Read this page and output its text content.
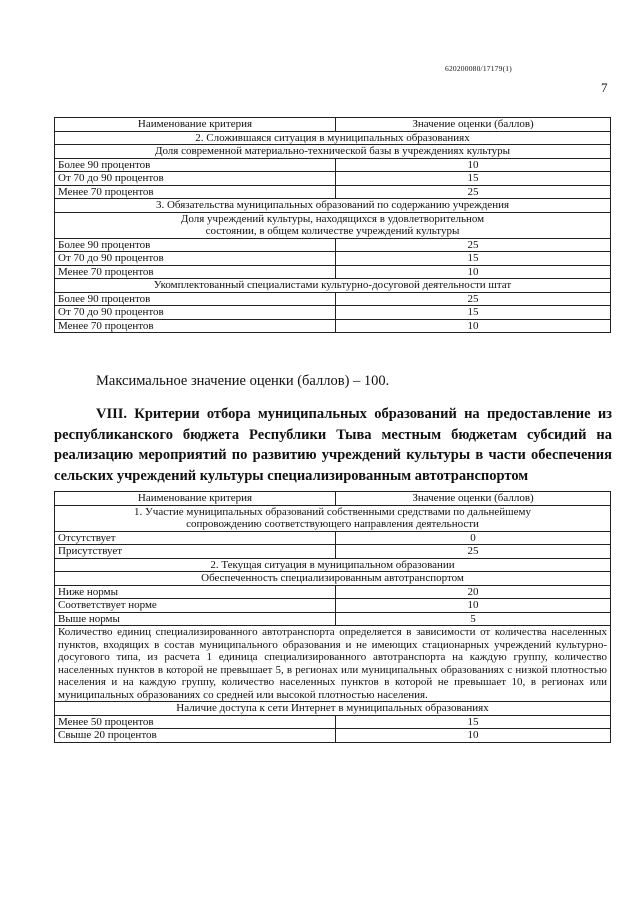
620200080/17179(1)
7
Наименование критерия	Значение оценки (баллов)
2. Сложившаяся ситуация в муниципальных образованиях	
Доля современной материально-технической базы в учреждениях культуры	
Более 90 процентов	10
От 70 до 90 процентов	15
Менее 70 процентов	25
3. Обязательства муниципальных образований по содержанию учреждения	
Доля учреждений культуры, находящихся в удовлетворительном состоянии, в общем количестве учреждений культуры	
Более 90 процентов	25
От 70 до 90 процентов	15
Менее 70 процентов	10
Укомплектованный специалистами культурно-досуговой деятельности штат	
Более 90 процентов	25
От 70 до 90 процентов	15
Менее 70 процентов	10
Максимальное значение оценки (баллов) – 100.
VIII. Критерии отбора муниципальных образований на предоставление из республиканского бюджета Республики Тыва местным бюджетам субсидий на реализацию мероприятий по развитию учреждений культуры в части обеспечения сельских учреждений культуры специализированным автотранспортом
Наименование критерия	Значение оценки (баллов)
1. Участие муниципальных образований собственными средствами по дальнейшему сопровождению соответствующего направления деятельности	
Отсутствует	0
Присутствует	25
2. Текущая ситуация в муниципальном образовании	
Обеспеченность специализированным автотранспортом	
Ниже нормы	20
Соответствует норме	10
Выше нормы	5
Количество единиц специализированного автотранспорта определяется в зависимости от количества населенных пунктов, входящих в состав муниципального образования и не имеющих стационарных учреждений культурно-досугового типа, из расчета 1 единица специализированного автотранспорта на каждую группу, количество населенных пунктов в которой не превышает 5, в регионах или муниципальных образованиях с низкой плотностью населения и на каждую группу, количество населенных пунктов в которой не превышает 10, в регионах или муниципальных образованиях со средней или высокой плотностью населения.	
Наличие доступа к сети Интернет в муниципальных образованиях	
Менее 50 процентов	15
Свыше 20 процентов	10
